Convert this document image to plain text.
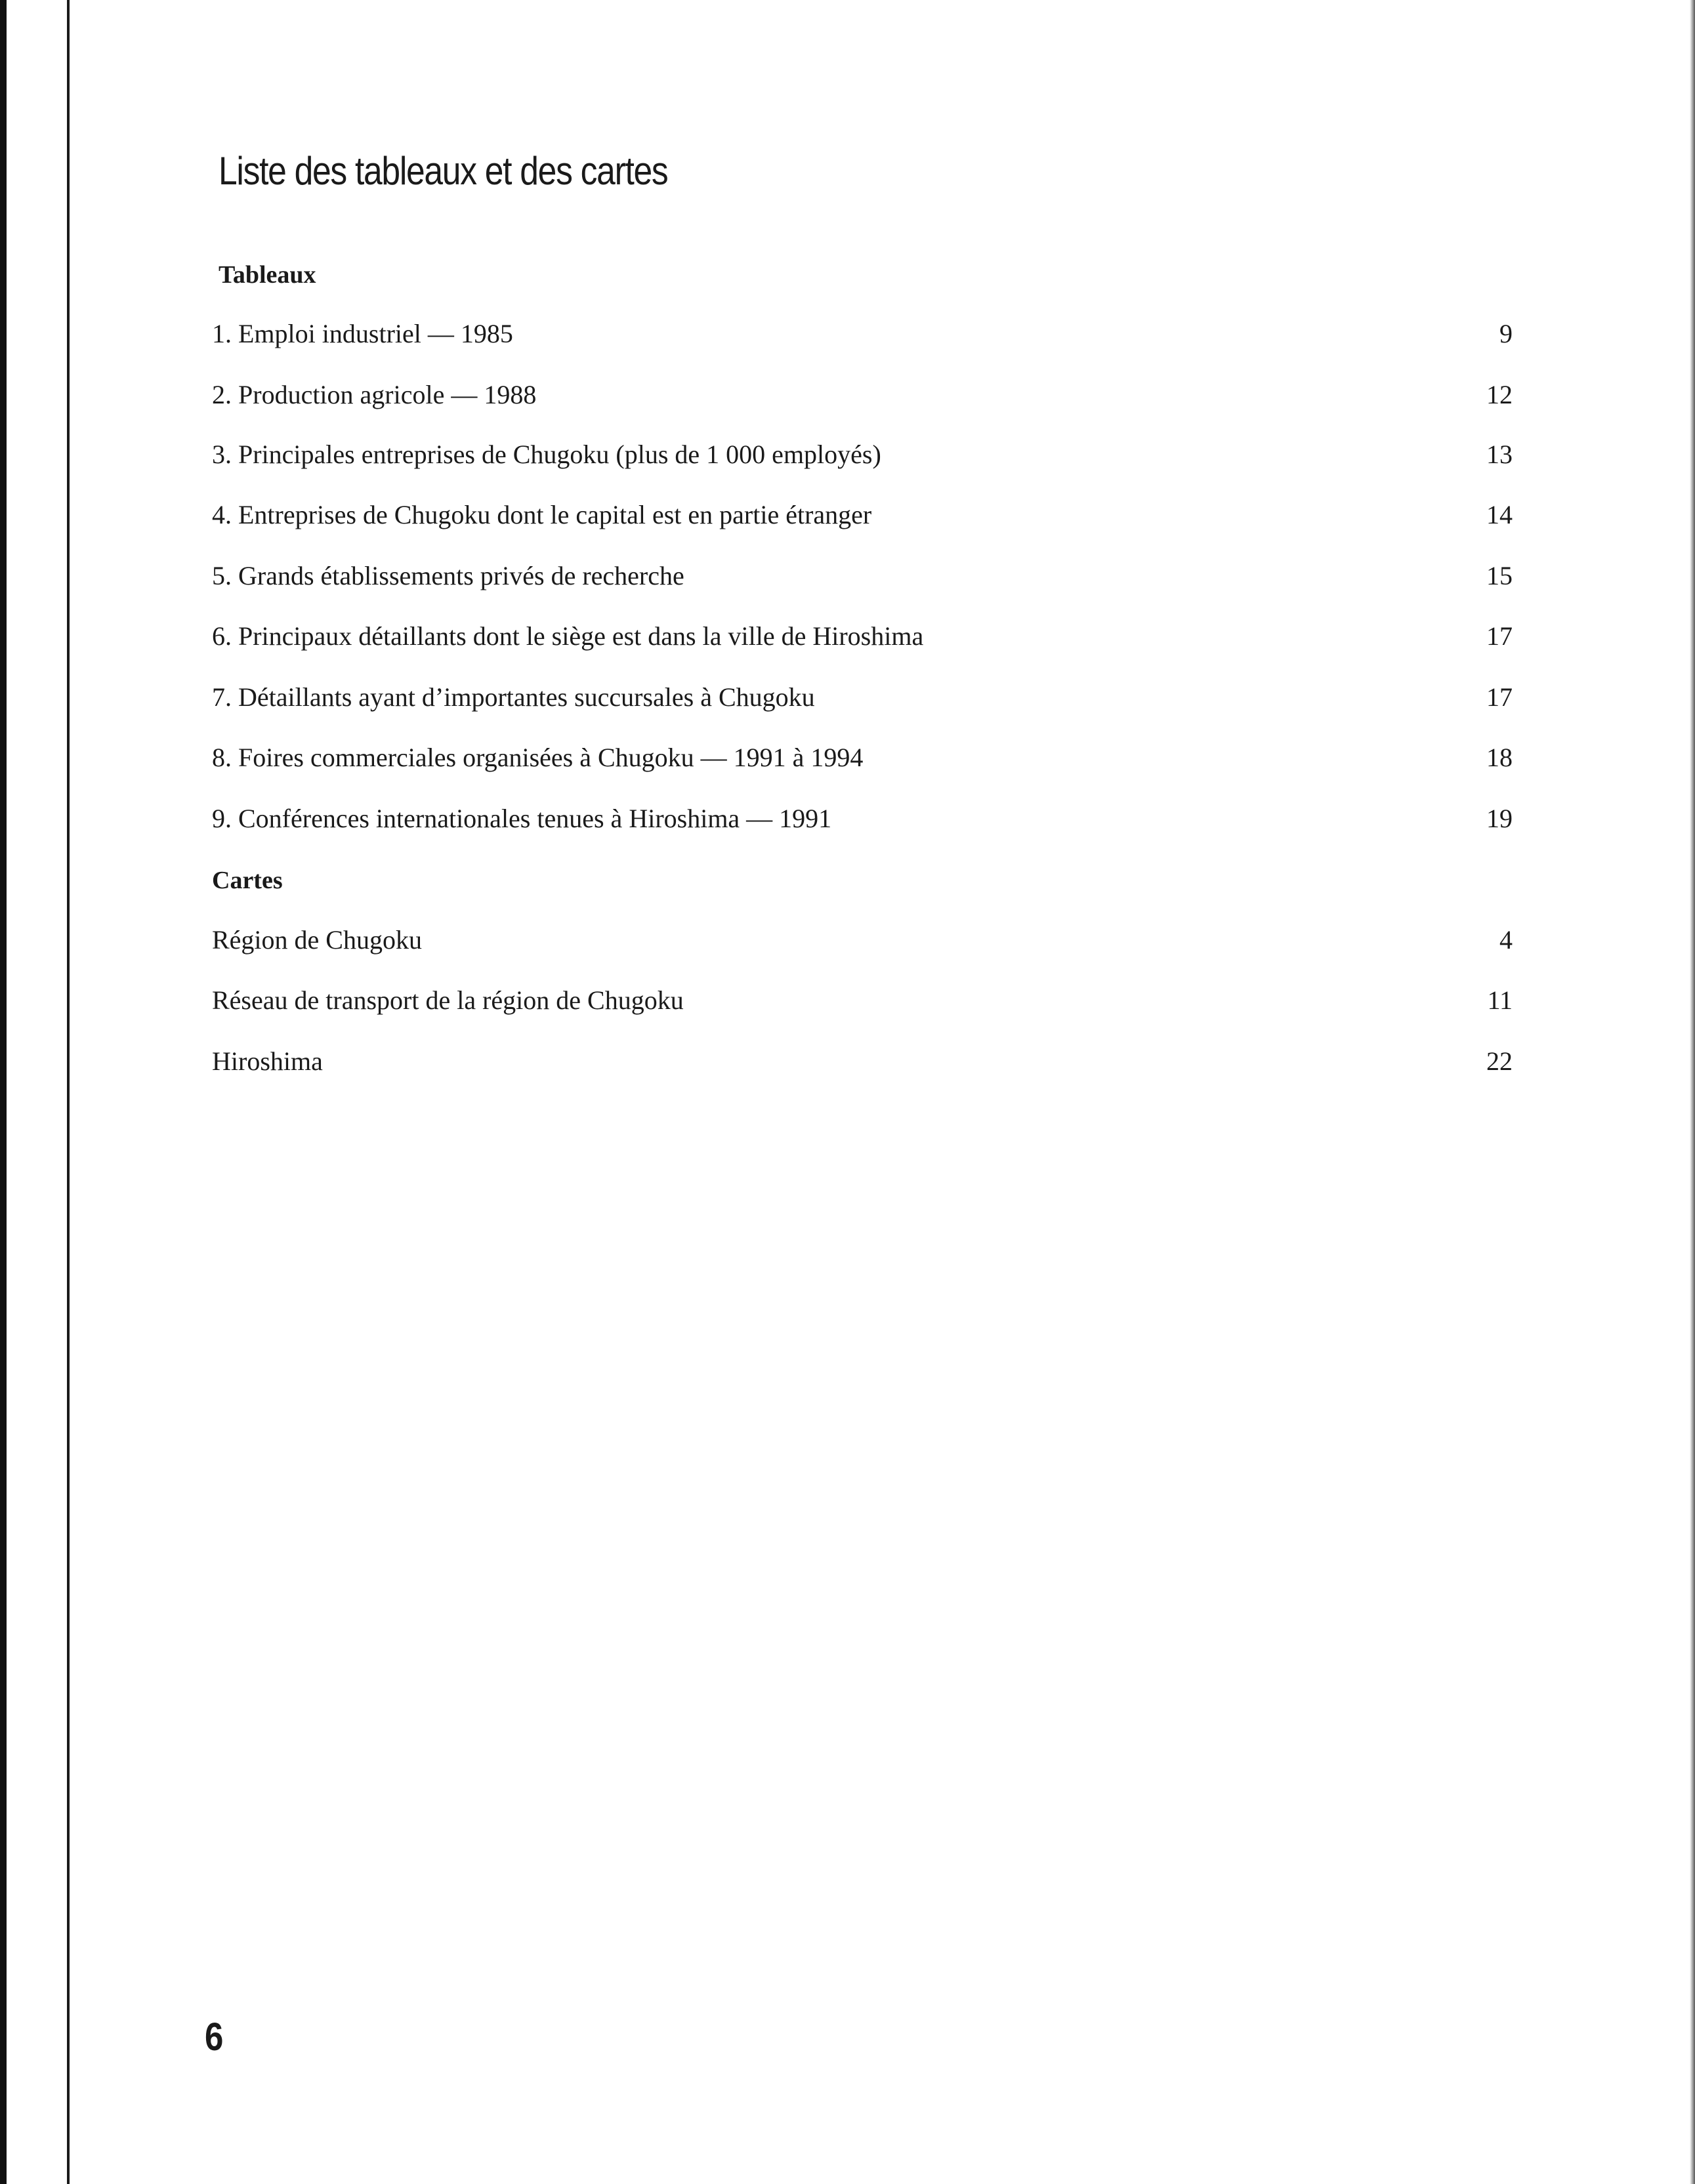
Liste des tableaux et des cartes
Tableaux
1. Emploi industriel — 1985	9
2. Production agricole — 1988	12
3. Principales entreprises de Chugoku (plus de 1 000 employés)	13
4. Entreprises de Chugoku dont le capital est en partie étranger	14
5. Grands établissements privés de recherche	15
6. Principaux détaillants dont le siège est dans la ville de Hiroshima	17
7. Détaillants ayant d’importantes succursales à Chugoku	17
8. Foires commerciales organisées à Chugoku — 1991 à 1994	18
9. Conférences internationales tenues à Hiroshima — 1991	19
Cartes
Région de Chugoku	4
Réseau de transport de la région de Chugoku	11
Hiroshima	22
6
